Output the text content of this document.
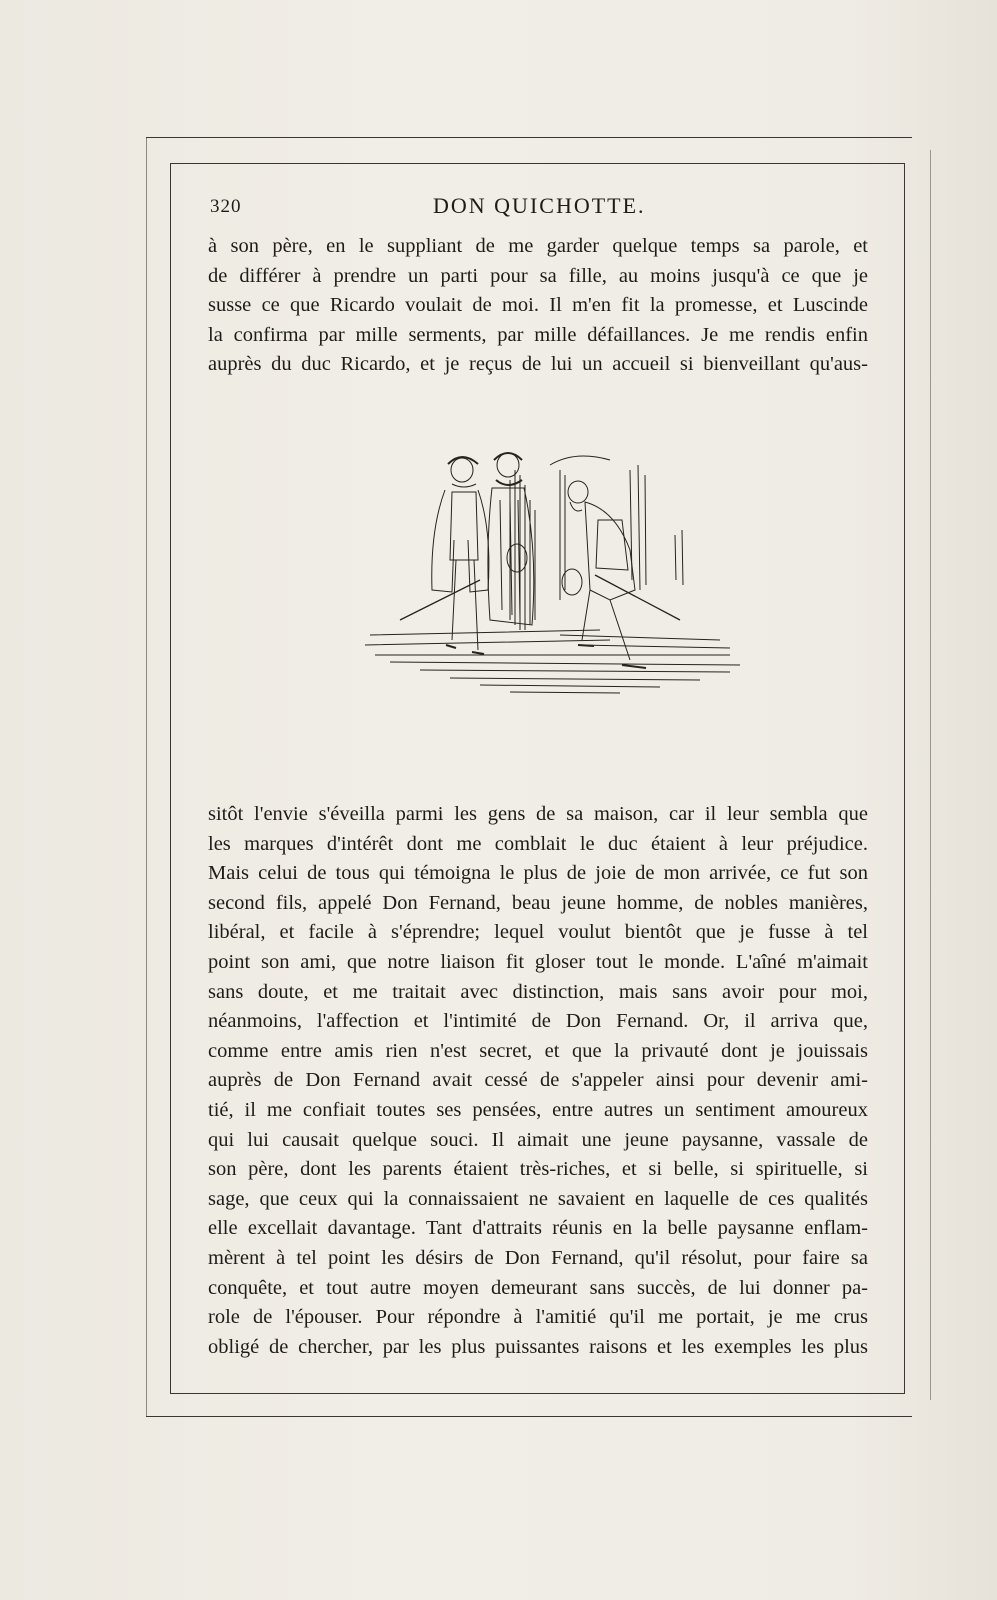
320	DON QUICHOTTE.
à son père, en le suppliant de me garder quelque temps sa parole, et
de différer à prendre un parti pour sa fille, au moins jusqu'à ce que je
susse ce que Ricardo voulait de moi. Il m'en fit la promesse, et Luscinde
la confirma par mille serments, par mille défaillances. Je me rendis enfin
auprès du duc Ricardo, et je reçus de lui un accueil si bienveillant qu'aus-
sitôt l'envie s'éveilla parmi les gens de sa maison, car il leur sembla que
les marques d'intérêt dont me comblait le duc étaient à leur préjudice.
Mais celui de tous qui témoigna le plus de joie de mon arrivée, ce fut son
second fils, appelé Don Fernand, beau jeune homme, de nobles manières,
libéral, et facile à s'éprendre; lequel voulut bientôt que je fusse à tel
point son ami, que notre liaison fit gloser tout le monde. L'aîné m'aimait
sans doute, et me traitait avec distinction, mais sans avoir pour moi,
néanmoins, l'affection et l'intimité de Don Fernand. Or, il arriva que,
comme entre amis rien n'est secret, et que la privauté dont je jouissais
auprès de Don Fernand avait cessé de s'appeler ainsi pour devenir ami-
tié, il me confiait toutes ses pensées, entre autres un sentiment amoureux
qui lui causait quelque souci. Il aimait une jeune paysanne, vassale de
son père, dont les parents étaient très-riches, et si belle, si spirituelle, si
sage, que ceux qui la connaissaient ne savaient en laquelle de ces qualités
elle excellait davantage. Tant d'attraits réunis en la belle paysanne enflam-
mèrent à tel point les désirs de Don Fernand, qu'il résolut, pour faire sa
conquête, et tout autre moyen demeurant sans succès, de lui donner pa-
role de l'épouser. Pour répondre à l'amitié qu'il me portait, je me crus
obligé de chercher, par les plus puissantes raisons et les exemples les plus
